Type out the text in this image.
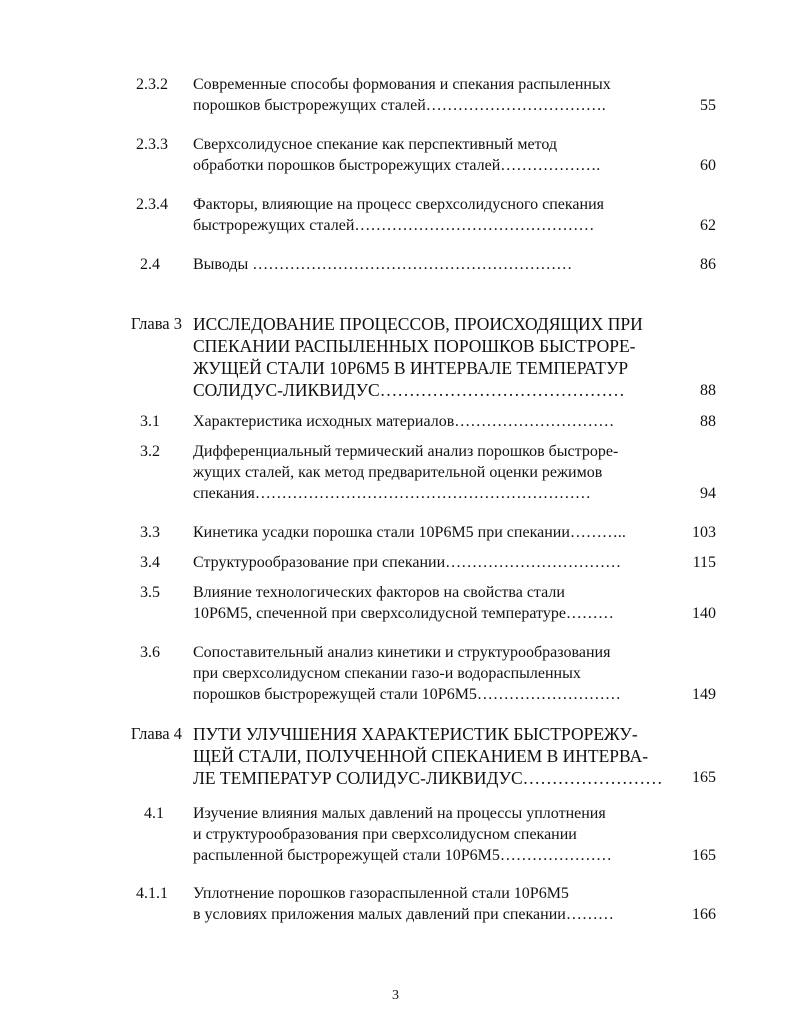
2.3.2 Современные способы формования и спекания распыленных
порошков быстрорежущих сталей…………………………….	55
2.3.3 Сверхсолидусное спекание как перспективный метод
обработки порошков быстрорежущих сталей……………….	60
2.3.4 Факторы, влияющие на процесс сверхсолидусного спекания
быстрорежущих сталей………………………………………	62
2.4 Выводы ……………………………………………………	86
Глава 3 ИССЛЕДОВАНИЕ ПРОЦЕССОВ, ПРОИСХОДЯЩИХ ПРИ
СПЕКАНИИ РАСПЫЛЕННЫХ ПОРОШКОВ БЫСТРОРЕ-
ЖУЩЕЙ СТАЛИ 10Р6М5 В ИНТЕРВАЛЕ ТЕМПЕРАТУР
СОЛИДУС-ЛИКВИДУС……………………………………	88
3.1 Характеристика исходных материалов…………………………	88
3.2 Дифференциальный термический анализ порошков быстроре-
жущих сталей, как метод предварительной оценки режимов
спекания………………………………………………………	94
3.3 Кинетика усадки порошка стали 10Р6М5 при спекании………..	103
3.4 Структурообразование при спекании……………………………	115
3.5 Влияние технологических факторов на свойства стали
10Р6М5, спеченной при сверхсолидусной температуре………	140
3.6 Сопоставительный анализ кинетики и структурообразования
при сверхсолидусном спекании газо-и водораспыленных
порошков быстрорежущей стали 10Р6М5………………………	149
Глава 4 ПУТИ УЛУЧШЕНИЯ ХАРАКТЕРИСТИК БЫСТРОРЕЖУ-
ЩЕЙ СТАЛИ, ПОЛУЧЕННОЙ СПЕКАНИЕМ В ИНТЕРВА-
ЛЕ ТЕМПЕРАТУР СОЛИДУС-ЛИКВИДУС……………………	165
4.1 Изучение влияния малых давлений на процессы уплотнения
и структурообразования при сверхсолидусном спекании
распыленной быстрорежущей стали 10Р6М5…………………	165
4.1.1 Уплотнение порошков газораспыленной стали 10Р6М5
в условиях приложения малых давлений при спекании………	166
3
